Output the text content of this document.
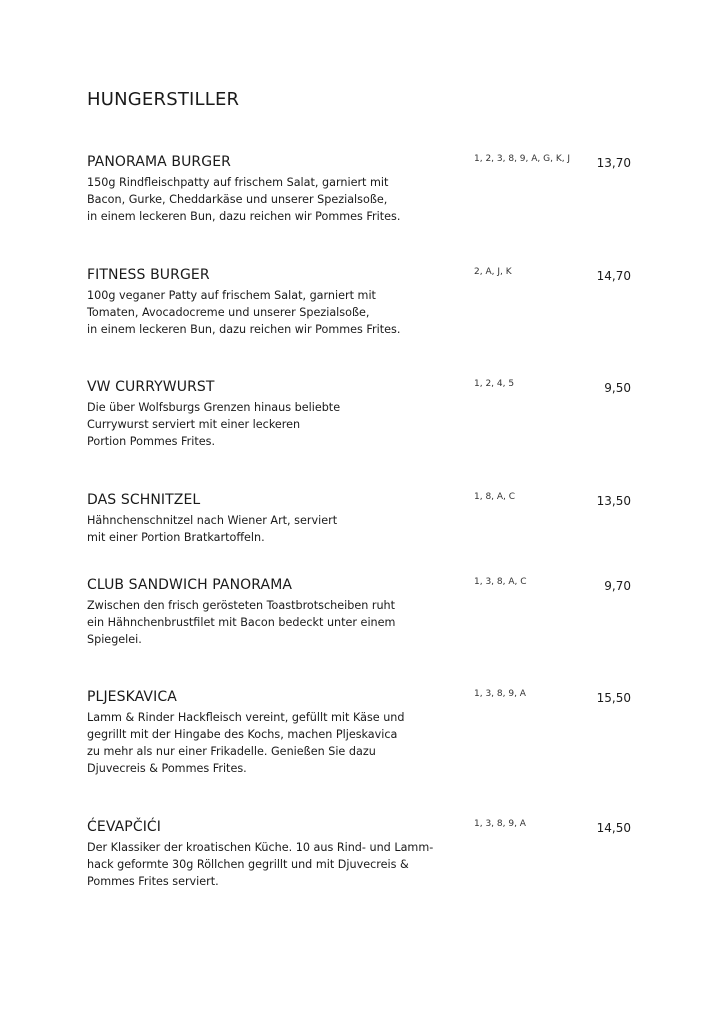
HUNGERSTILLER
PANORAMA BURGER	1, 2, 3, 8, 9, A, G, K, J 13,70

150g Rindfleischpatty auf frischem Salat, garniert mit
Bacon, Gurke, Cheddarkäse und unserer Spezialsoße,
in einem leckeren Bun, dazu reichen wir Pommes Frites.

FITNESS BURGER	2, A, J, K	14,70

100g veganer Patty auf frischem Salat, garniert mit
Tomaten, Avocadocreme und unserer Spezialsoße,
in einem leckeren Bun, dazu reichen wir Pommes Frites.

VW CURRYWURST	1, 2, 4, 5	9,50

Die über Wolfsburgs Grenzen hinaus beliebte
Currywurst serviert mit einer leckeren
Portion Pommes Frites.

DAS SCHNITZEL	1, 8, A, C	13,50

Hähnchenschnitzel nach Wiener Art, serviert
mit einer Portion Bratkartoffeln.

CLUB SANDWICH PANORAMA	1, 3, 8, A, C	9,70

Zwischen den frisch gerösteten Toastbrotscheiben ruht
ein Hähnchenbrustfilet mit Bacon bedeckt unter einem
Spiegelei.

PLJESKAVICA	1, 3, 8, 9, A	15,50

Lamm & Rinder Hackfleisch vereint, gefüllt mit Käse und
gegrillt mit der Hingabe des Kochs, machen Pljeskavica
zu mehr als nur einer Frikadelle. Genießen Sie dazu
Djuvecreis & Pommes Frites.

ĆEVAPČIĆI	1, 3, 8, 9, A	14,50

Der Klassiker der kroatischen Küche. 10 aus Rind- und Lamm-
hack geformte 30g Röllchen gegrillt und mit Djuvecreis &
Pommes Frites serviert.
